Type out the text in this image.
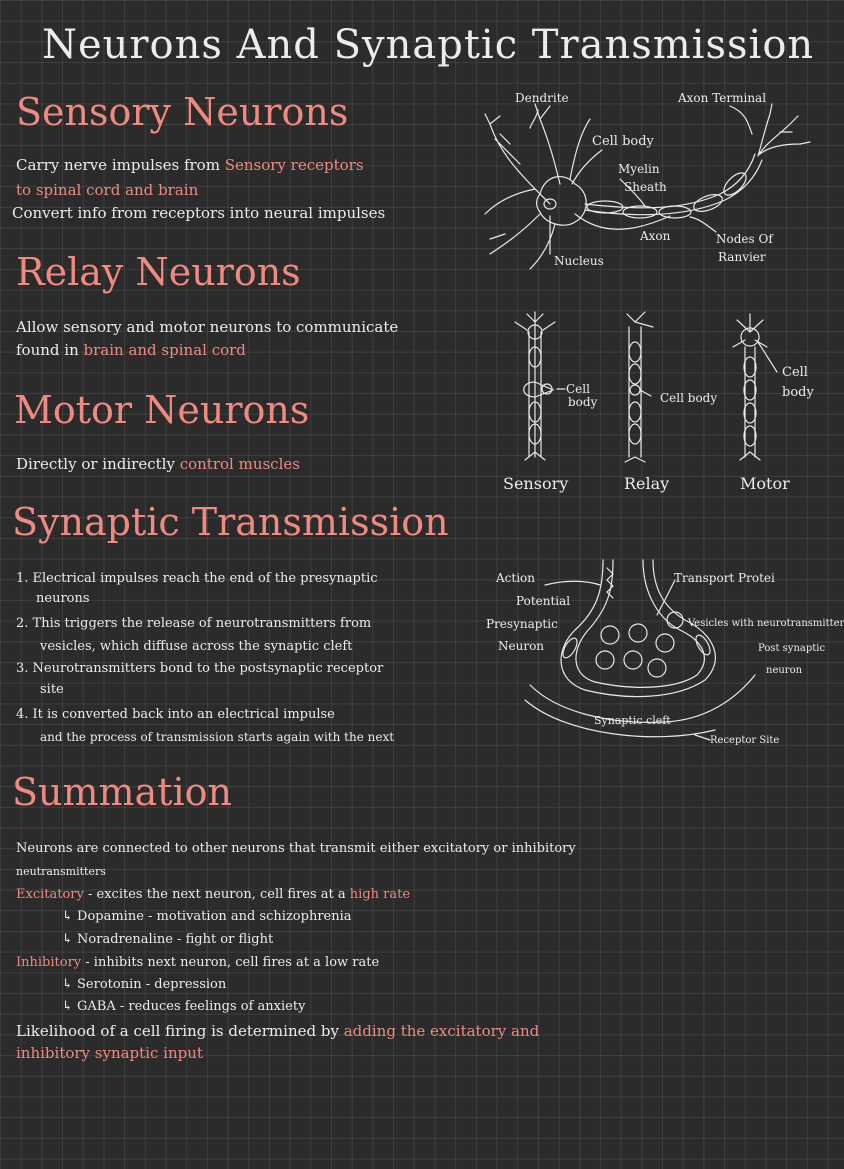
Neurons And Synaptic Transmission
Sensory Neurons
Carry nerve impulses from Sensory receptors
to spinal cord and brain
Convert info from receptors into neural impulses
Relay Neurons
Allow sensory and motor neurons to communicate
found in brain and spinal cord
Motor Neurons
Directly or indirectly control muscles
Dendrite	Axon Terminal
Cell body
Myelin
Sheath
Axon	Nodes Of
Ranvier
Nucleus
Cell
body	Cell body
Cell
body
Sensory	Relay	Motor
Synaptic Transmission
1. Electrical impulses reach the end of the presynaptic
neurons
2. This triggers the release of neurotransmitters from
vesicles, which diffuse across the synaptic cleft
3. Neurotransmitters bond to the postsynaptic receptor
site
4. It is converted back into an electrical impulse
and the process of transmission starts again with the next
Action
Potential
Presynaptic
Neuron
Transport Protei
Vesicles with neurotransmitter
Post synaptic
neuron
Synaptic cleft
Receptor Site
Summation
Neurons are connected to other neurons that transmit either excitatory or inhibitory
neutransmitters
Excitatory - excites the next neuron, cell fires at a high rate
↳ Dopamine - motivation and schizophrenia
↳ Noradrenaline - fight or flight
Inhibitory - inhibits next neuron, cell fires at a low rate
↳ Serotonin - depression
↳ GABA - reduces feelings of anxiety
Likelihood of a cell firing is determined by adding the excitatory and
inhibitory synaptic input
